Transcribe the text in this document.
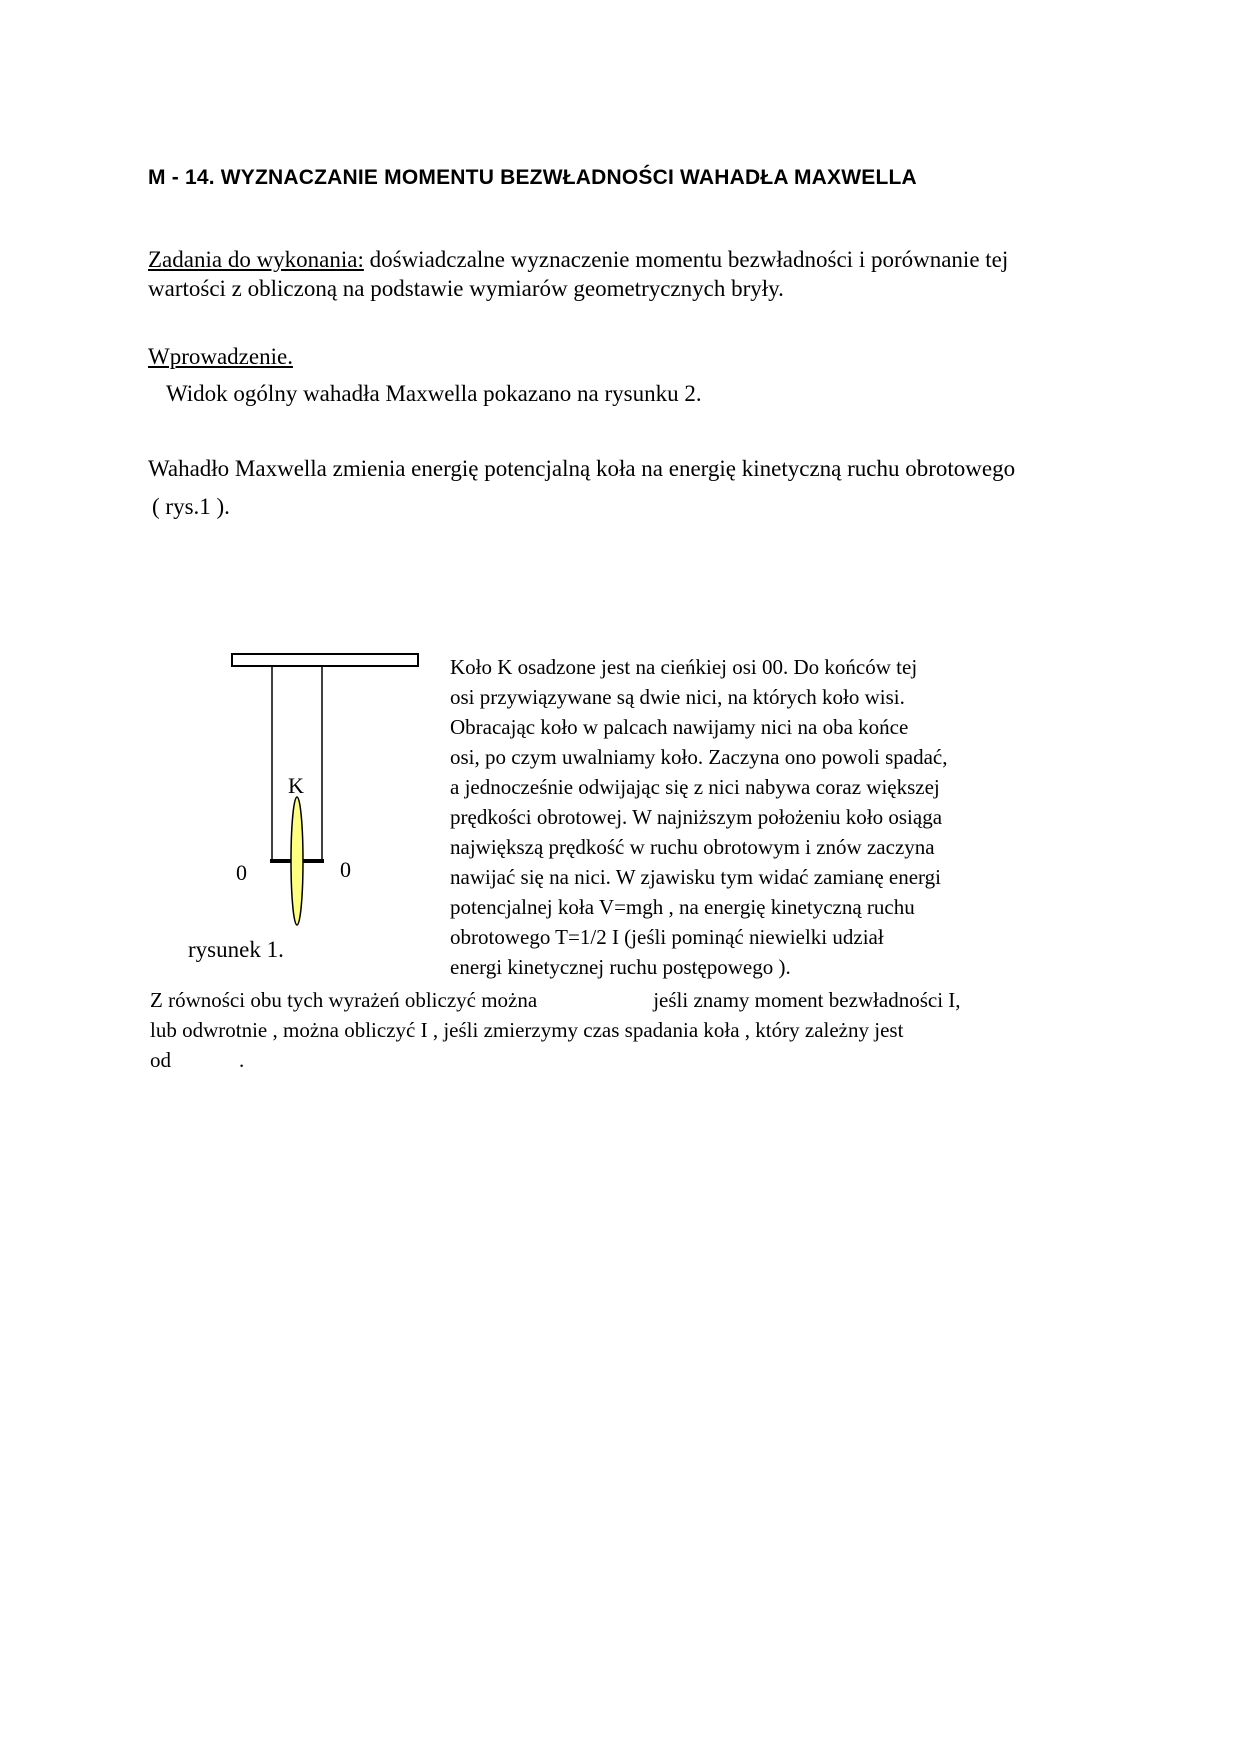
M - 14. WYZNACZANIE MOMENTU BEZWŁADNOŚCI WAHADŁA MAXWELLA
Zadania do wykonania: doświadczalne wyznaczenie momentu bezwładności i porównanie tej
wartości z obliczoną na podstawie wymiarów geometrycznych bryły.
Wprowadzenie.
Widok ogólny wahadła Maxwella pokazano na rysunku 2.
Wahadło Maxwella zmienia energię potencjalną koła na energię kinetyczną ruchu obrotowego
( rys.1 ).
K
0	0
rysunek 1.
Koło K osadzone jest na cieńkiej osi 00. Do końców tej
osi przywiązywane są dwie nici, na których koło wisi.
Obracając koło w palcach nawijamy nici na oba końce
osi, po czym uwalniamy koło. Zaczyna ono powoli spadać,
a jednocześnie odwijając się z nici nabywa coraz większej
prędkości obrotowej. W najniższym położeniu koło osiąga
największą prędkość w ruchu obrotowym i znów zaczyna
nawijać się na nici. W zjawisku tym widać zamianę energi
potencjalnej koła V=mgh , na energię kinetyczną ruchu
obrotowego T=1/2 I (jeśli pominąć niewielki udział
energi kinetycznej ruchu postępowego ).
Z równości obu tych wyrażeń obliczyć można	jeśli znamy moment bezwładności I,
lub odwrotnie , można obliczyć I , jeśli zmierzymy czas spadania koła , który zależny jest
od	.
